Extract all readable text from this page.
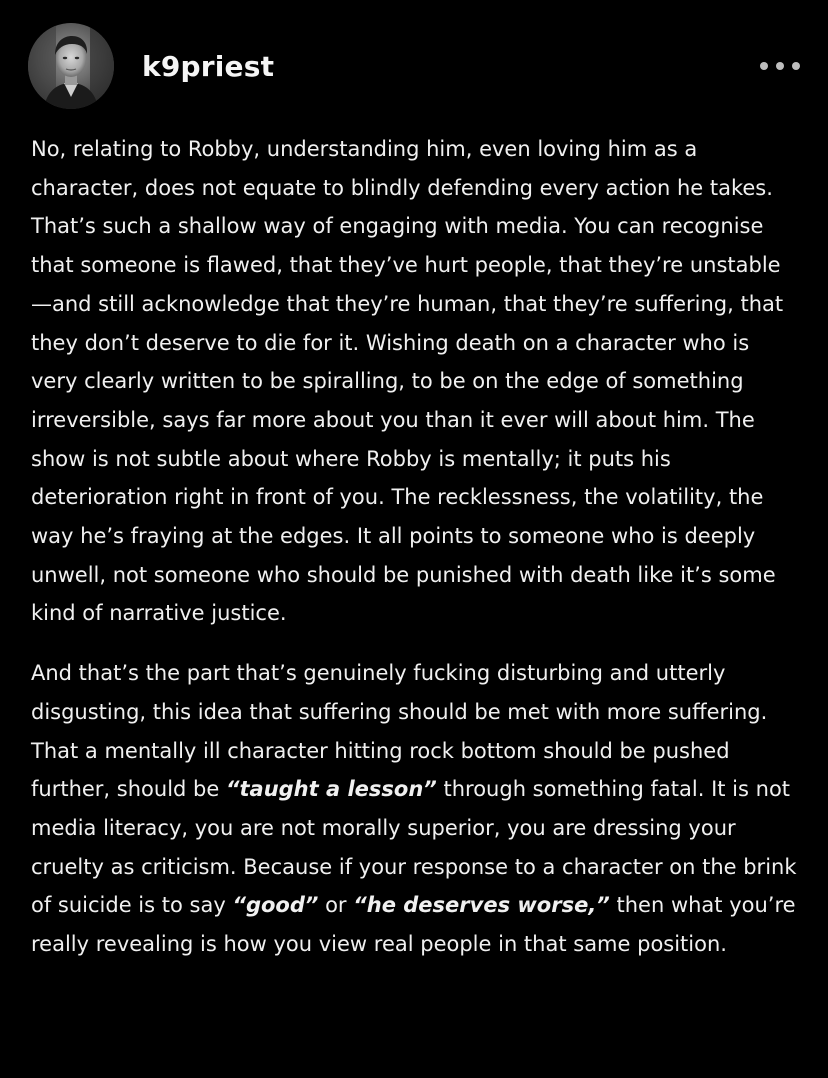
k9priest

No, relating to Robby, understanding him, even loving him as a character, does not equate to blindly defending every action he takes. That’s such a shallow way of engaging with media. You can recognise that someone is flawed, that they’ve hurt people, that they’re unstable—and still acknowledge that they’re human, that they’re suffering, that they don’t deserve to die for it. Wishing death on a character who is very clearly written to be spiralling, to be on the edge of something irreversible, says far more about you than it ever will about him. The show is not subtle about where Robby is mentally; it puts his deterioration right in front of you. The recklessness, the volatility, the way he’s fraying at the edges. It all points to someone who is deeply unwell, not someone who should be punished with death like it’s some kind of narrative justice.

And that’s the part that’s genuinely fucking disturbing and utterly disgusting, this idea that suffering should be met with more suffering. That a mentally ill character hitting rock bottom should be pushed further, should be “taught a lesson” through something fatal. It is not media literacy, you are not morally superior, you are dressing your cruelty as criticism. Because if your response to a character on the brink of suicide is to say “good” or “he deserves worse,” then what you’re really revealing is how you view real people in that same position.
